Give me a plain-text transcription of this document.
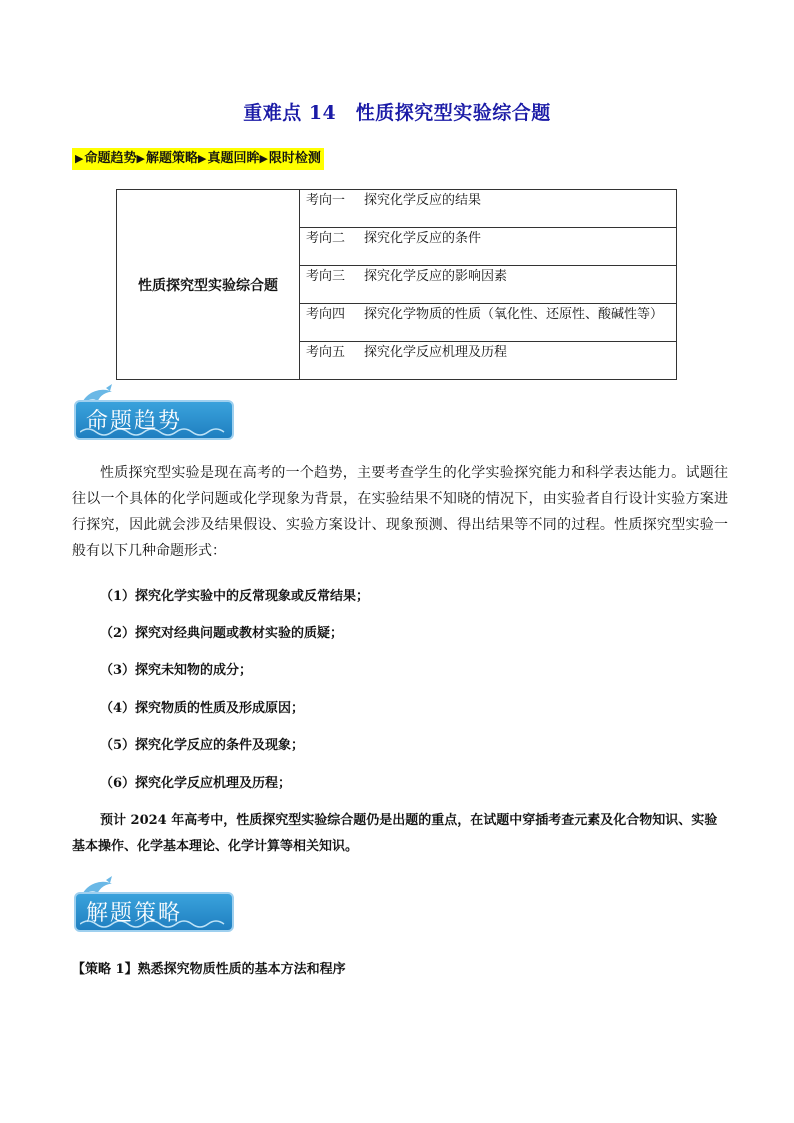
重难点 14　性质探究型实验综合题
▶命题趋势▶解题策略▶真题回眸▶限时检测
性质探究型实验综合题	考向一 探究化学反应的结果
考向二 探究化学反应的条件
考向三 探究化学反应的影响因素
考向四 探究化学物质的性质（氧化性、还原性、酸碱性等）
考向五 探究化学反应机理及历程
命题趋势
性质探究型实验是现在高考的一个趋势，主要考查学生的化学实验探究能力和科学表达能力。试题往往以一个具体的化学问题或化学现象为背景，在实验结果不知晓的情况下，由实验者自行设计实验方案进行探究，因此就会涉及结果假设、实验方案设计、现象预测、得出结果等不同的过程。性质探究型实验一般有以下几种命题形式：
（1）探究化学实验中的反常现象或反常结果；
（2）探究对经典问题或教材实验的质疑；
（3）探究未知物的成分；
（4）探究物质的性质及形成原因；
（5）探究化学反应的条件及现象；
（6）探究化学反应机理及历程；
预计 2024 年高考中，性质探究型实验综合题仍是出题的重点，在试题中穿插考查元素及化合物知识、实验基本操作、化学基本理论、化学计算等相关知识。
解题策略
【策略 1】熟悉探究物质性质的基本方法和程序
